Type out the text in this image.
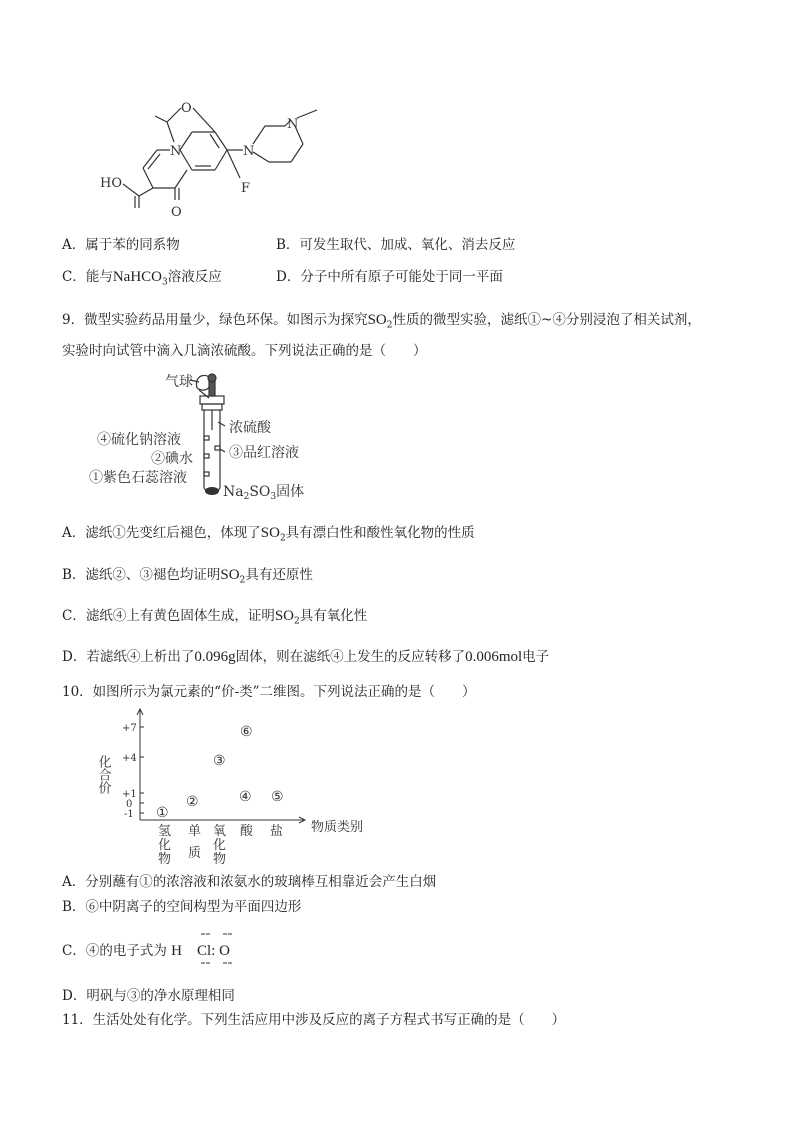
N
O
N
N
F
O
HO
A．属于苯的同系物	B．可发生取代、加成、氧化、消去反应
C．能与NaHCO$_3$溶液反应	D．分子中所有原子可能处于同一平面
9．微型实验药品用量少，绿色环保。如图示为探究$SO_2$性质的微型实验，滤纸①~④分别浸泡了相关试剂，
实验时向试管中滴入几滴浓硫酸。下列说法正确的是（　　）
气球
浓硫酸
④硫化钠溶液
③品红溶液
②碘水
①紫色石蕊溶液
$Na_2SO_3$固体
A．滤纸①先变红后褪色，体现了$SO_2$具有漂白性和酸性氧化物的性质
B．滤纸②、③褪色均证明$SO_2$具有还原性
C．滤纸④上有黄色固体生成，证明$SO_2$具有氧化性
D．若滤纸④上析出了0.096g固体，则在滤纸④上发生的反应转移了0.006mol电子
10．如图所示为氯元素的“价-类”二维图。下列说法正确的是（　　）
化合价
物质类别
+7
+4
+1
0
-1
氢
化
物
单
质
氧
化
物
酸 盐
①
②
③
④ ⑤
⑥
A．分别蘸有①的浓溶液和浓氨水的玻璃棒互相靠近会产生白烟
B．⑥中阴离子的空间构型为平面四边形
C．④的电子式为 H　Cl: O
D．明矾与③的净水原理相同
11．生活处处有化学。下列生活应用中涉及反应的离子方程式书写正确的是（　　）
